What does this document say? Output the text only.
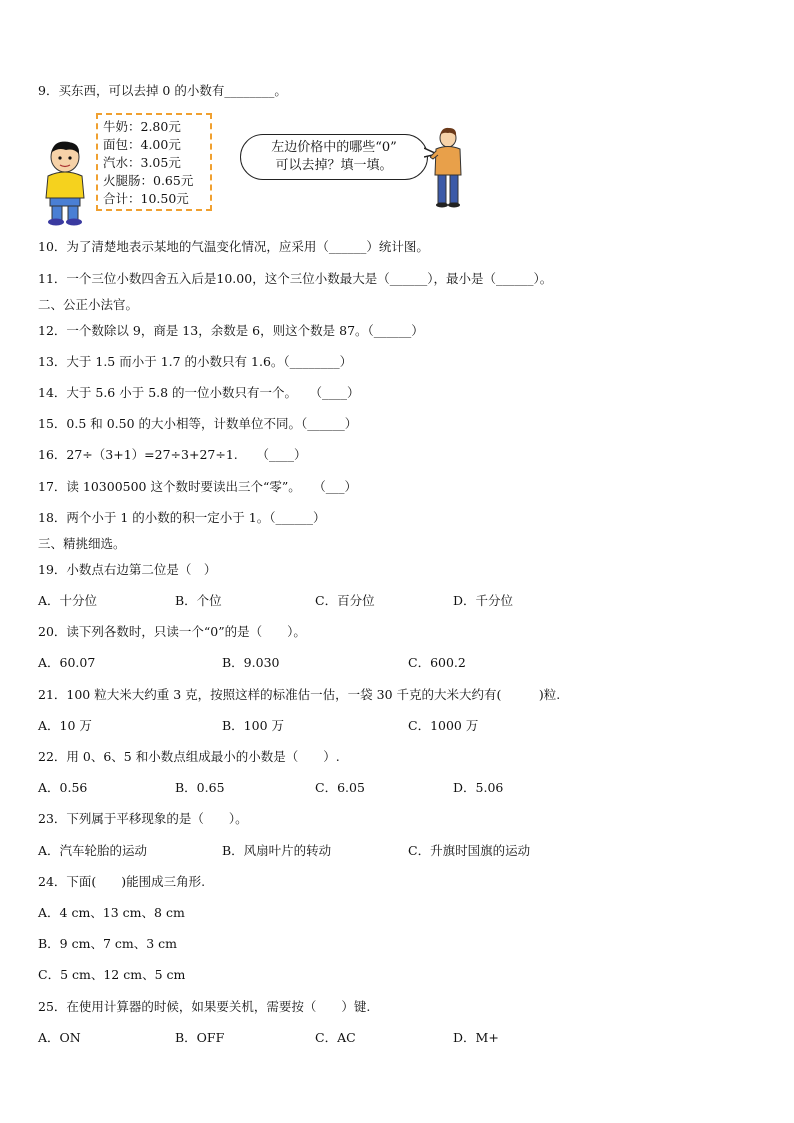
9．买东西，可以去掉 0 的小数有________。
牛奶：2.80元
面包：4.00元
汽水：3.05元
火腿肠：0.65元
合计：10.50元
左边价格中的哪些“0”
可以去掉？填一填。
10．为了清楚地表示某地的气温变化情况，应采用（______）统计图。
11．一个三位小数四舍五入后是10.00，这个三位小数最大是（______），最小是（______）。
二、公正小法官。
12．一个数除以 9，商是 13，余数是 6，则这个数是 87。（______）
13．大于 1.5 而小于 1.7 的小数只有 1.6。（________）
14．大于 5.6 小于 5.8 的一位小数只有一个。　　（____）
15．0.5 和 0.50 的大小相等，计数单位不同。（______）
16．27÷（3+1）=27÷3+27÷1.　　（____）
17．读 10300500 这个数时要读出三个“零”。　　（___）
18．两个小于 1 的小数的积一定小于 1。（______）
三、精挑细选。
19．小数点右边第二位是（　）
A．十分位	B．个位	C．百分位	D．千分位
20．读下列各数时，只读一个“0”的是（　　）。
A．60.07	B．9.030	C．600.2
21．100 粒大米大约重 3 克，按照这样的标准估一估，一袋 30 千克的大米大约有(　　　)粒.
A．10 万	B．100 万	C．1000 万
22．用 0、6、5 和小数点组成最小的小数是（　　）.
A．0.56	B．0.65	C．6.05	D．5.06
23．下列属于平移现象的是（　　）。
A．汽车轮胎的运动	B．风扇叶片的转动	C．升旗时国旗的运动
24．下面(　　)能围成三角形.
A．4 cm、13 cm、8 cm
B．9 cm、7 cm、3 cm
C．5 cm、12 cm、5 cm
25．在使用计算器的时候，如果要关机，需要按（　　）键.
A．ON	B．OFF	C．AC	D．M+
